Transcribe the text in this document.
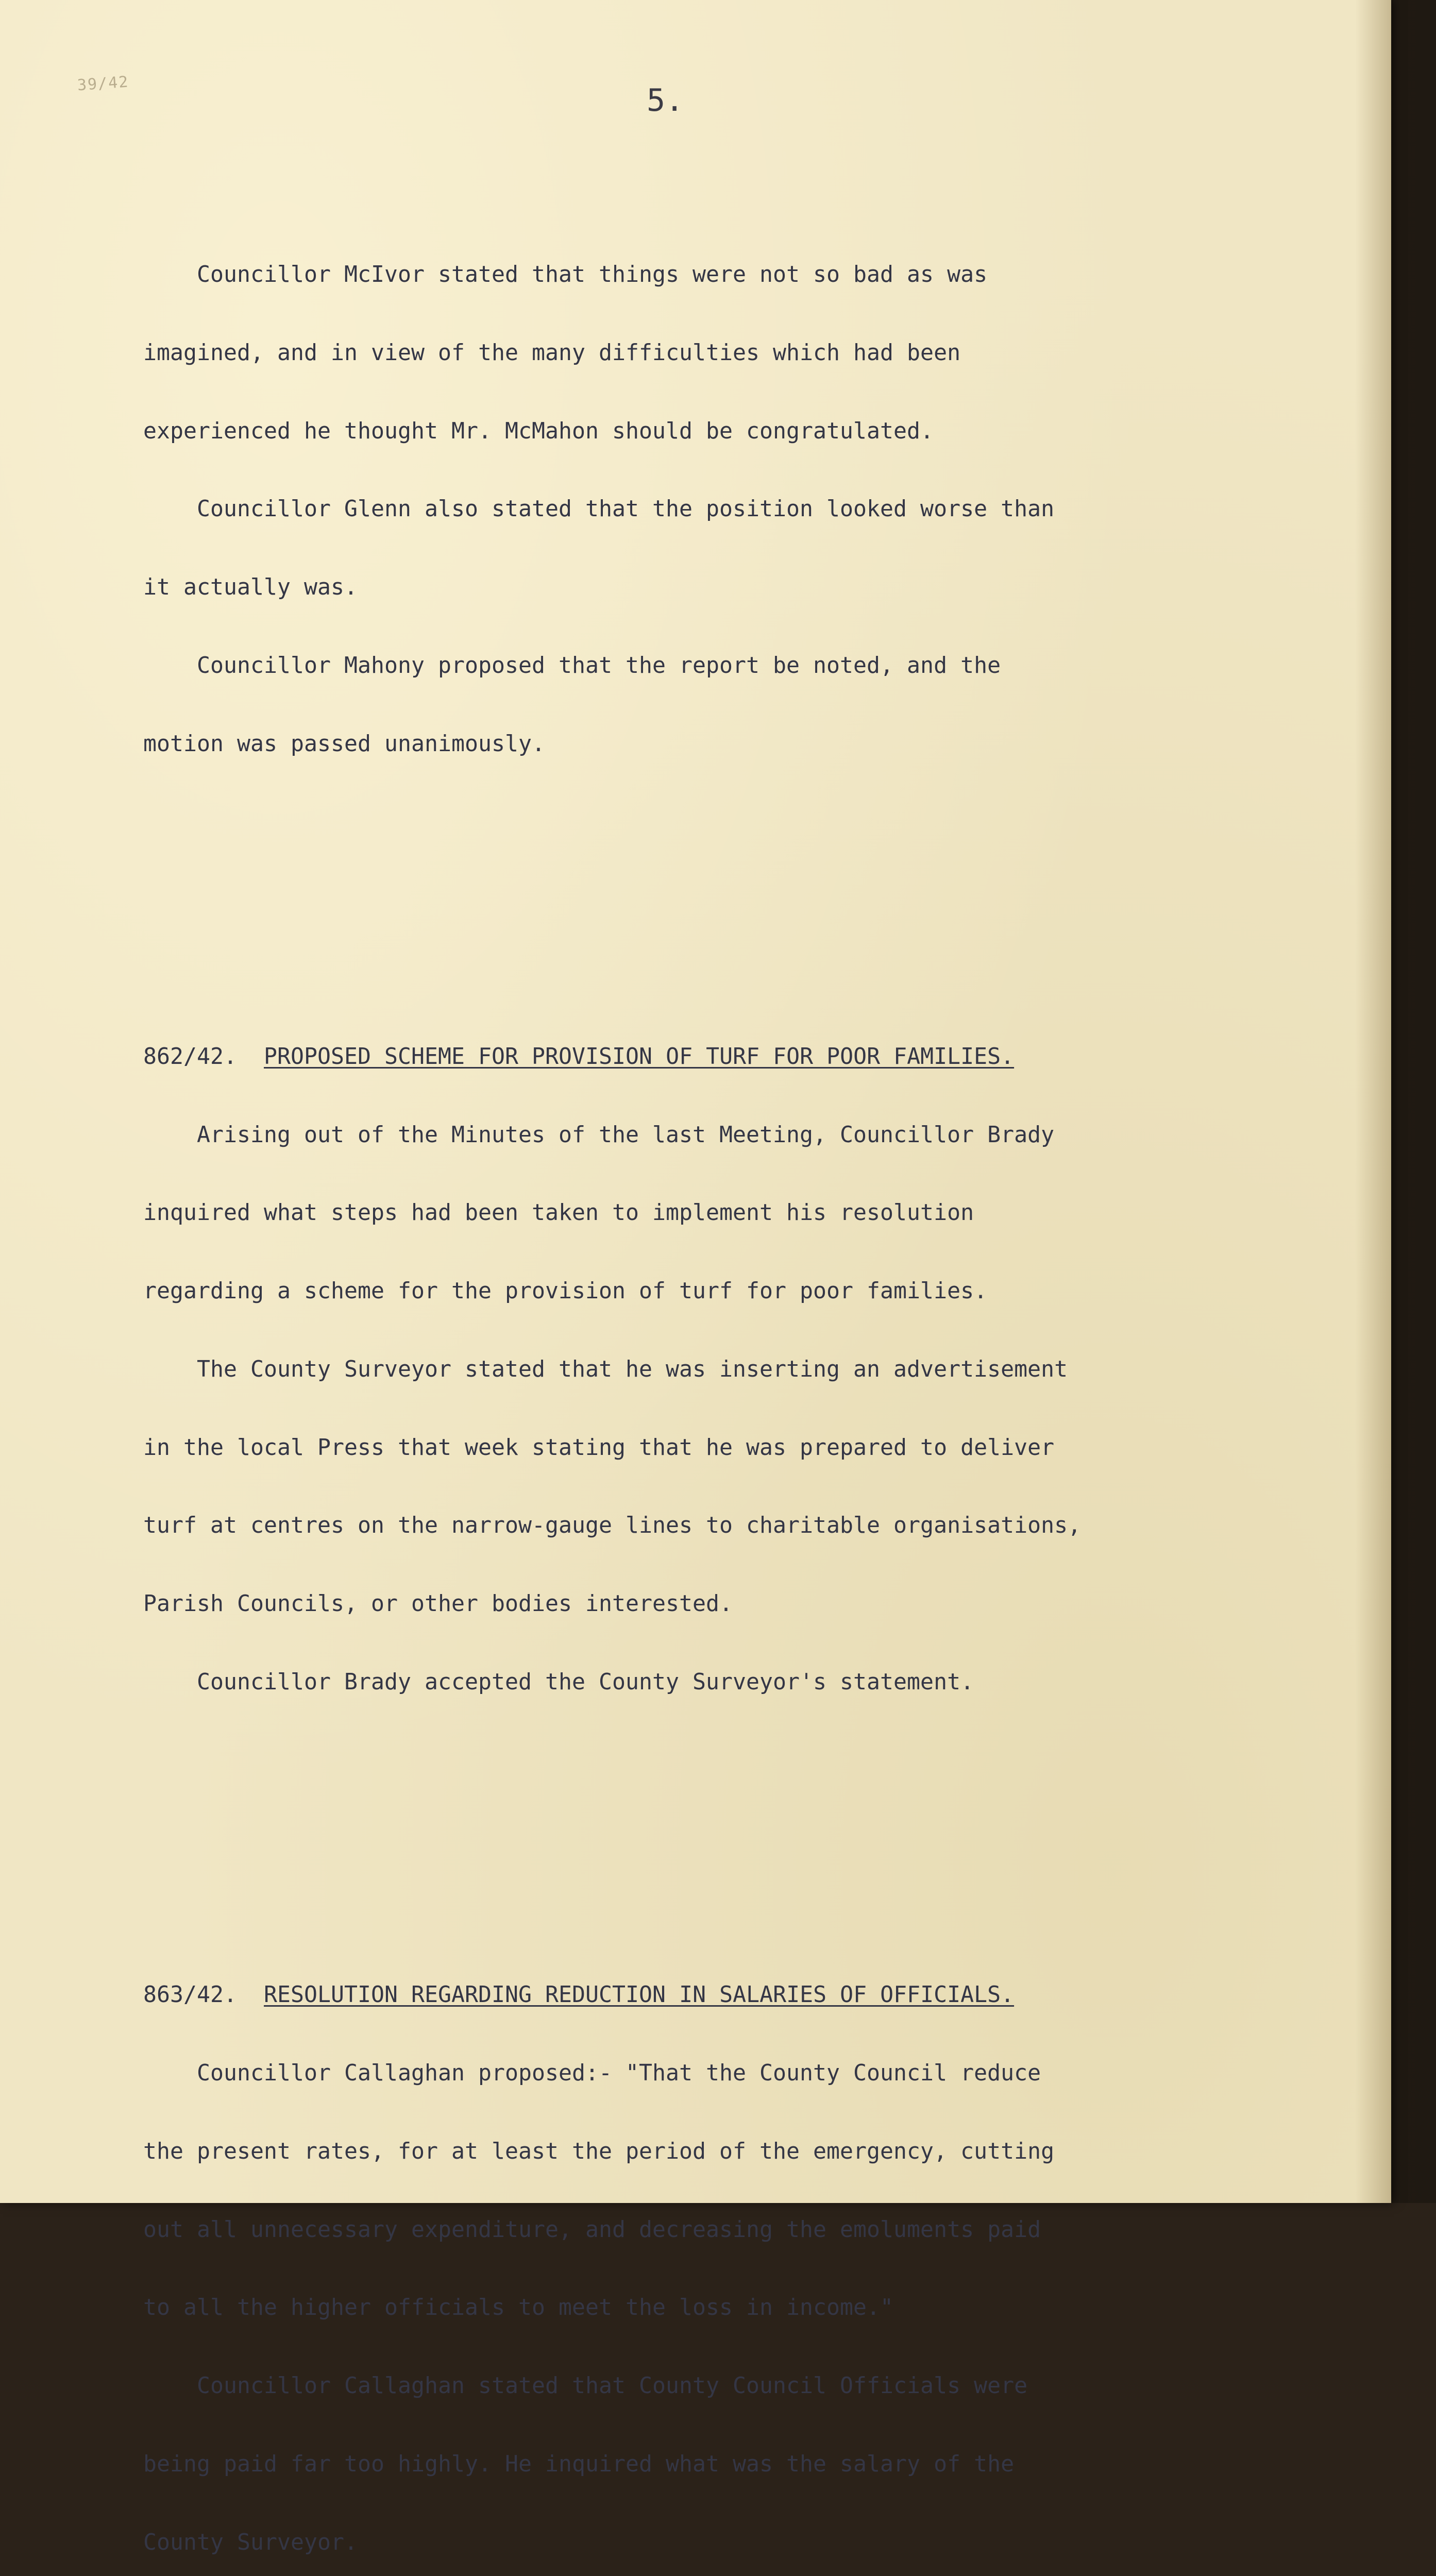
39/42	5.

Councillor McIvor stated that things were not so bad as was

imagined, and in view of the many difficulties which had been

experienced he thought Mr. McMahon should be congratulated.

Councillor Glenn also stated that the position looked worse than

it actually was.

Councillor Mahony proposed that the report be noted, and the

motion was passed unanimously.

862/42. PROPOSED SCHEME FOR PROVISION OF TURF FOR POOR FAMILIES.

Arising out of the Minutes of the last Meeting, Councillor Brady

inquired what steps had been taken to implement his resolution

regarding a scheme for the provision of turf for poor families.

The County Surveyor stated that he was inserting an advertisement

in the local Press that week stating that he was prepared to deliver

turf at centres on the narrow-gauge lines to charitable organisations,

Parish Councils, or other bodies interested.

Councillor Brady accepted the County Surveyor's statement.

863/42. RESOLUTION REGARDING REDUCTION IN SALARIES OF OFFICIALS.

Councillor Callaghan proposed:- "That the County Council reduce

the present rates, for at least the period of the emergency, cutting

out all unnecessary expenditure, and decreasing the emoluments paid

to all the higher officials to meet the loss in income."

Councillor Callaghan stated that County Council Officials were

being paid far too highly. He inquired what was the salary of the

County Surveyor.
